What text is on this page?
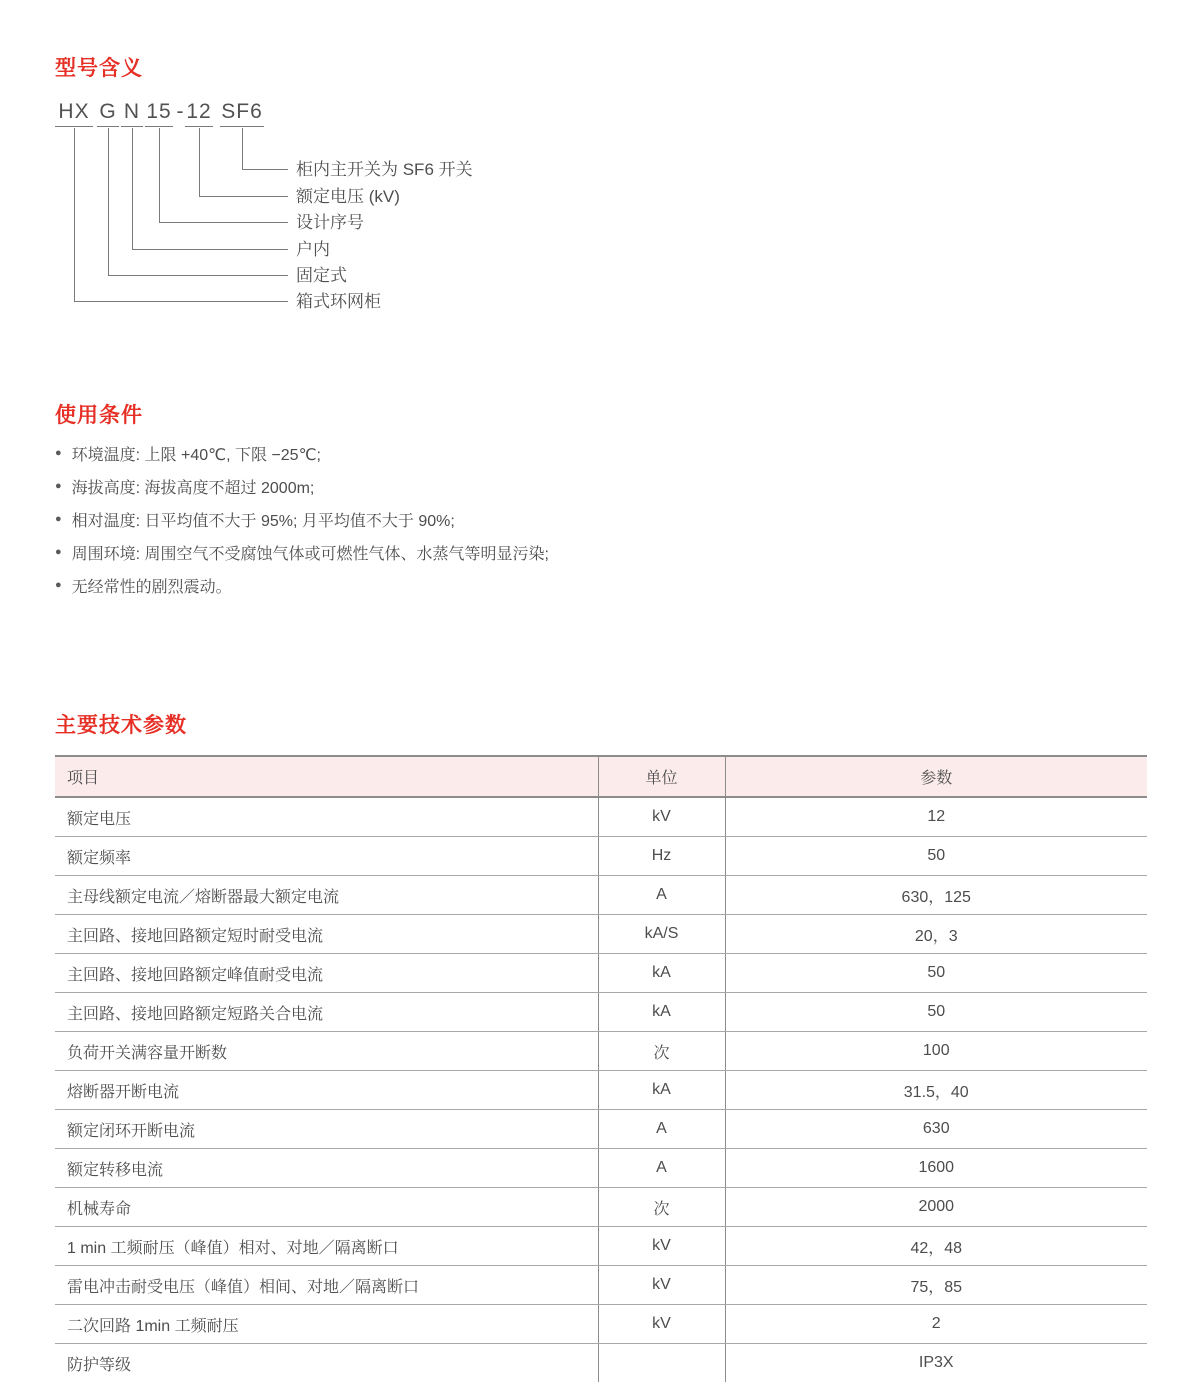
型号含义
HX G N 15 - 12 SF6
柜内主开关为 SF6 开关
额定电压 (kV)
设计序号
户内
固定式
箱式环网柜
使用条件
● 环境温度: 上限 +40℃, 下限 −25℃;
● 海拔高度: 海拔高度不超过 2000m;
● 相对温度: 日平均值不大于 95%; 月平均值不大于 90%;
● 周围环境: 周围空气不受腐蚀气体或可燃性气体、水蒸气等明显污染;
● 无经常性的剧烈震动。
主要技术参数
项目	单位	参数
额定电压	kV	12
额定频率	Hz	50
主母线额定电流／熔断器最大额定电流	A	630，125
主回路、接地回路额定短时耐受电流	kA/S	20，3
主回路、接地回路额定峰值耐受电流	kA	50
主回路、接地回路额定短路关合电流	kA	50
负荷开关满容量开断数	次	100
熔断器开断电流	kA	31.5，40
额定闭环开断电流	A	630
额定转移电流	A	1600
机械寿命	次	2000
1 min 工频耐压（峰值）相对、对地／隔离断口	kV	42，48
雷电冲击耐受电压（峰值）相间、对地／隔离断口	kV	75，85
二次回路 1min 工频耐压	kV	2
防护等级		IP3X
